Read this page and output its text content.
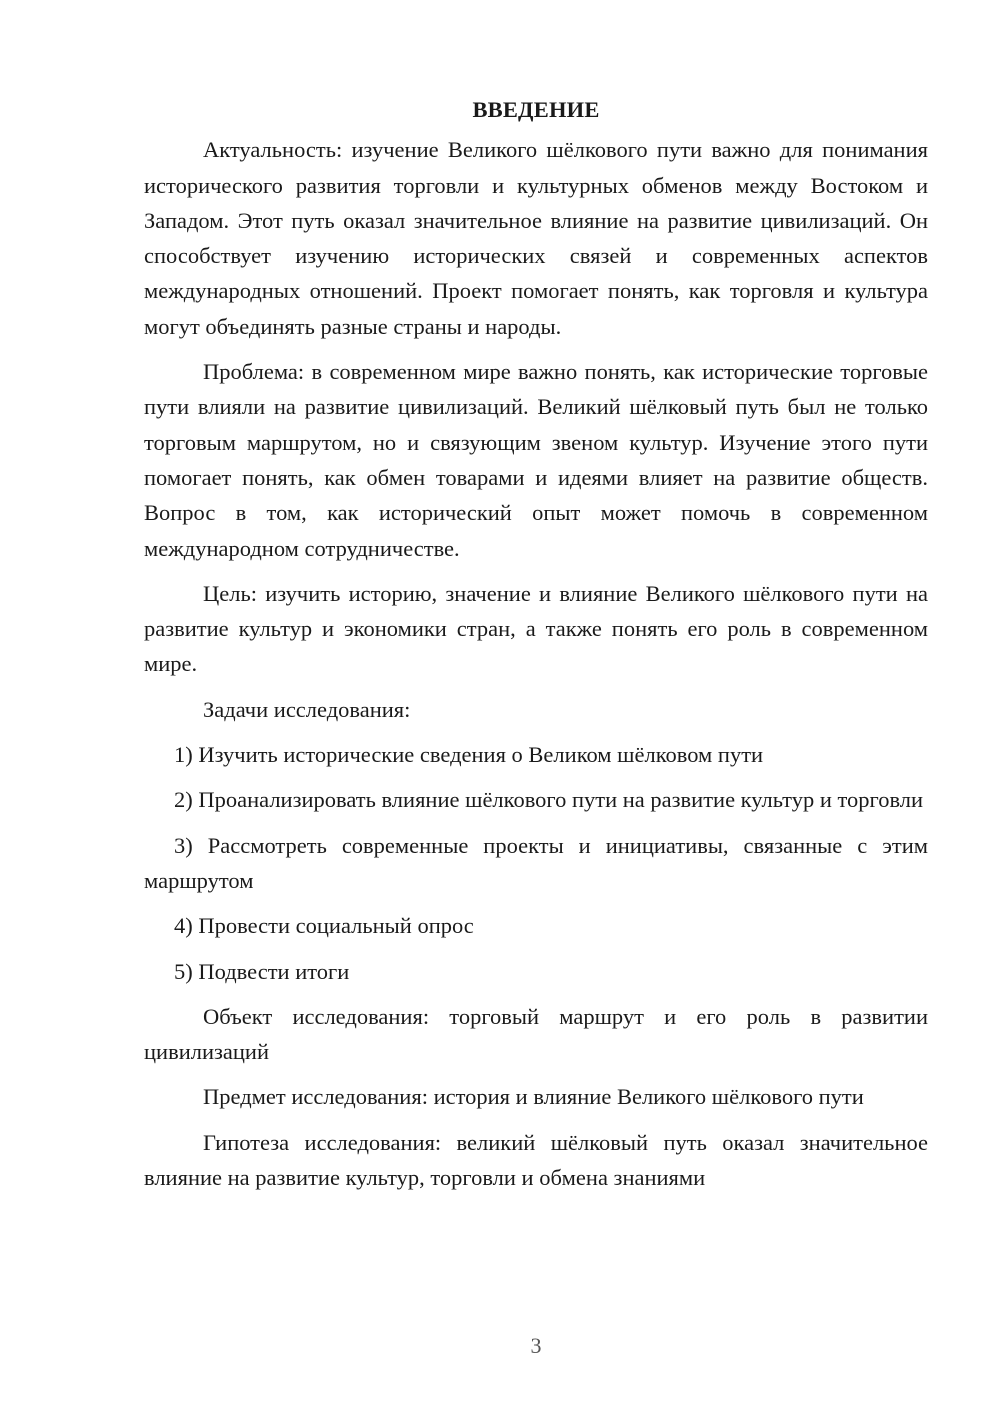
ВВЕДЕНИЕ

Актуальность: изучение Великого шёлкового пути важно для понимания исторического развития торговли и культурных обменов между Востоком и Западом. Этот путь оказал значительное влияние на развитие цивилизаций. Он способствует изучению исторических связей и современных аспектов международных отношений. Проект помогает понять, как торговля и культура могут объединять разные страны и народы.

Проблема: в современном мире важно понять, как исторические торговые пути влияли на развитие цивилизаций. Великий шёлковый путь был не только торговым маршрутом, но и связующим звеном культур. Изучение этого пути помогает понять, как обмен товарами и идеями влияет на развитие обществ. Вопрос в том, как исторический опыт может помочь в современном международном сотрудничестве.

Цель: изучить историю, значение и влияние Великого шёлкового пути на развитие культур и экономики стран, а также понять его роль в современном мире.

Задачи исследования:

1) Изучить исторические сведения о Великом шёлковом пути

2) Проанализировать влияние шёлкового пути на развитие культур и торговли

3) Рассмотреть современные проекты и инициативы, связанные с этим маршрутом

4) Провести социальный опрос

5) Подвести итоги

Объект исследования: торговый маршрут и его роль в развитии цивилизаций

Предмет исследования: история и влияние Великого шёлкового пути

Гипотеза исследования: великий шёлковый путь оказал значительное влияние на развитие культур, торговли и обмена знаниями

3
